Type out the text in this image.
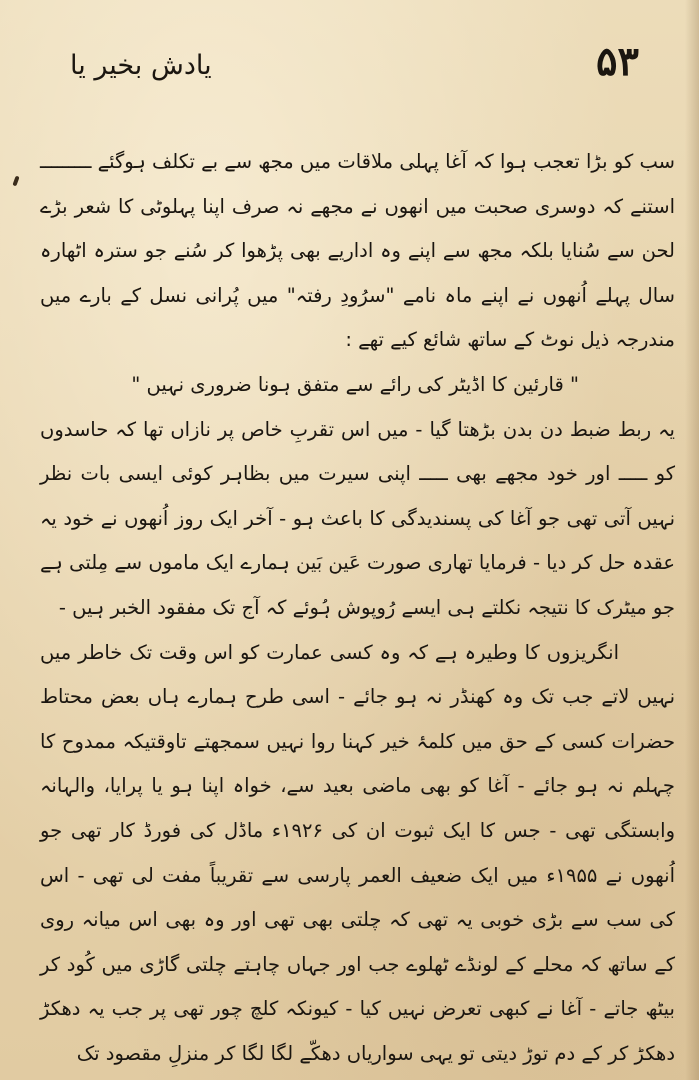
۵۳
یادش بخیر یا

سب کو بڑا تعجب ہوا کہ آغا پہلی ملاقات میں مجھ سے بے تکلف ہوگئے ـــــــــ استنے کہ دوسری صحبت میں انھوں نے مجھے نہ صرف اپنا پہلوٹی کا شعر بڑے لحن سے سُنایا بلکہ مجھ سے اپنے وہ اداریے بھی پڑھوا کر سُنے جو سترہ اٹھارہ سال پہلے اُنھوں نے اپنے ماہ نامے "سرُودِ رفتہ" میں پُرانی نسل کے بارے میں مندرجہ ذیل نوٹ کے ساتھ شائع کیے تھے :

" قارئین کا اڈیٹر کی رائے سے متفق ہونا ضروری نہیں "

یہ ربط ضبط دن بدن بڑھتا گیا - میں اس تقربِ خاص پر نازاں تھا کہ حاسدوں کو ـــــ اور خود مجھے بھی ـــــ اپنی سیرت میں بظاہر کوئی ایسی بات نظر نہیں آتی تھی جو آغا کی پسندیدگی کا باعث ہو - آخر ایک روز اُنھوں نے خود یہ عقدہ حل کر دیا - فرمایا تھاری صورت عَین بَین ہمارے ایک ماموں سے مِلتی ہے جو میٹرک کا نتیجہ نکلتے ہی ایسے رُوپوش ہُوئے کہ آج تک مفقود الخبر ہیں -

انگریزوں کا وطیرہ ہے کہ وہ کسی عمارت کو اس وقت تک خاطر میں نہیں لاتے جب تک وہ کھنڈر نہ ہو جائے - اسی طرح ہمارے ہاں بعض محتاط حضرات کسی کے حق میں کلمۂ خیر کہنا روا نہیں سمجھتے تاوقتیکہ ممدوح کا چہلم نہ ہو جائے - آغا کو بھی ماضی بعید سے، خواہ اپنا ہو یا پرایا، والہانہ وابستگی تھی - جس کا ایک ثبوت ان کی ۱۹۲۶ء ماڈل کی فورڈ کار تھی جو اُنھوں نے ۱۹۵۵ء میں ایک ضعیف العمر پارسی سے تقریباً مفت لی تھی - اس کی سب سے بڑی خوبی یہ تھی کہ چلتی بھی تھی اور وہ بھی اس میانہ روی کے ساتھ کہ محلے کے لونڈے ٹھلوے جب اور جہاں چاہتے چلتی گاڑی میں کُود کر بیٹھ جاتے - آغا نے کبھی تعرض نہیں کیا - کیونکہ کلچ چور تھی پر جب یہ دھکڑ دھکڑ کر کے دم توڑ دیتی تو یہی سواریاں دھکّے لگا لگا کر منزلِ مقصود تک
